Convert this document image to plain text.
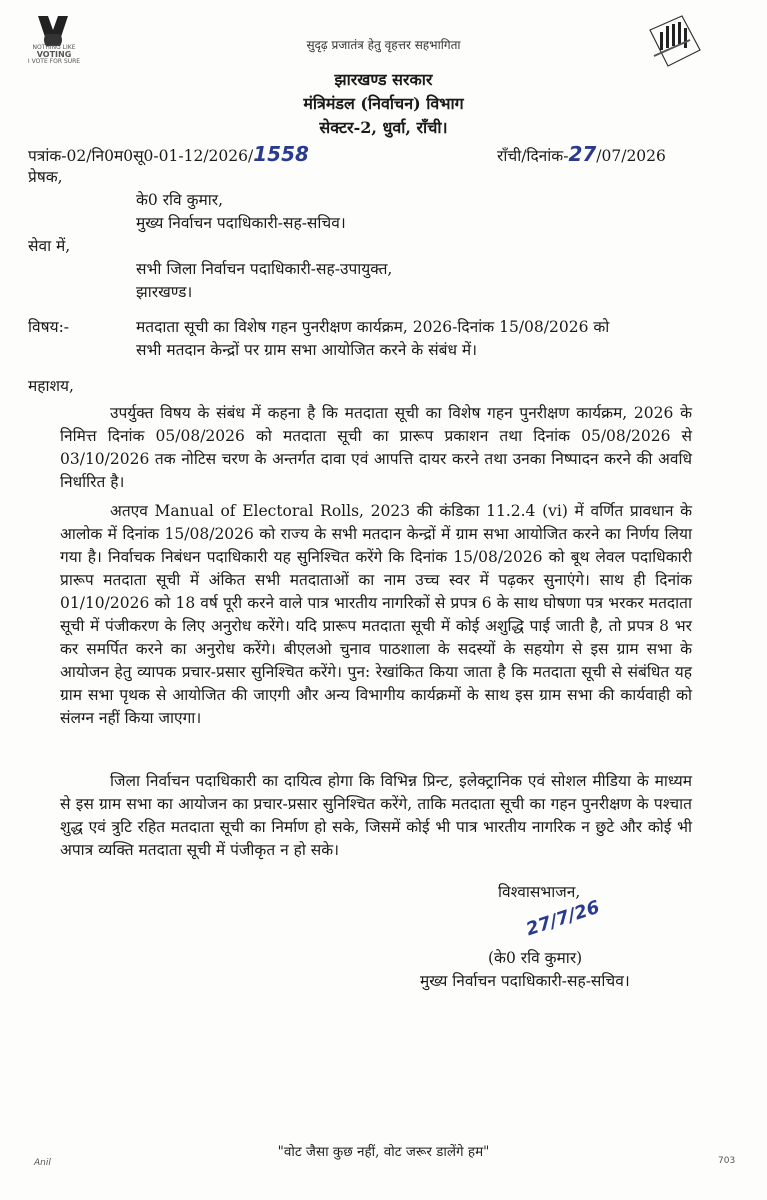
NOTHING LIKE
VOTING
I VOTE FOR SURE
सुदृढ़ प्रजातंत्र हेतु वृहत्तर सहभागिता
झारखण्ड सरकार
मंत्रिमंडल (निर्वाचन) विभाग
सेक्टर-2, धुर्वा, राँची।
पत्रांक-02/नि0म0सू0-01-12/2026/1558	राँची/दिनांक-27/07/2026
प्रेषक,
के0 रवि कुमार,
मुख्य निर्वाचन पदाधिकारी-सह-सचिव।
सेवा में,
सभी जिला निर्वाचन पदाधिकारी-सह-उपायुक्त,
झारखण्ड।
विषय:-	मतदाता सूची का विशेष गहन पुनरीक्षण कार्यक्रम, 2026-दिनांक 15/08/2026 को
सभी मतदान केन्द्रों पर ग्राम सभा आयोजित करने के संबंध में।
महाशय,
उपर्युक्त विषय के संबंध में कहना है कि मतदाता सूची का विशेष गहन पुनरीक्षण कार्यक्रम, 2026 के निमित्त दिनांक 05/08/2026 को मतदाता सूची का प्रारूप प्रकाशन तथा दिनांक 05/08/2026 से 03/10/2026 तक नोटिस चरण के अन्तर्गत दावा एवं आपत्ति दायर करने तथा उनका निष्पादन करने की अवधि निर्धारित है।
अतएव Manual of Electoral Rolls, 2023 की कंडिका 11.2.4 (vi) में वर्णित प्रावधान के आलोक में दिनांक 15/08/2026 को राज्य के सभी मतदान केन्द्रों में ग्राम सभा आयोजित करने का निर्णय लिया गया है। निर्वाचक निबंधन पदाधिकारी यह सुनिश्चित करेंगे कि दिनांक 15/08/2026 को बूथ लेवल पदाधिकारी प्रारूप मतदाता सूची में अंकित सभी मतदाताओं का नाम उच्च स्वर में पढ़कर सुनाएंगे। साथ ही दिनांक 01/10/2026 को 18 वर्ष पूरी करने वाले पात्र भारतीय नागरिकों से प्रपत्र 6 के साथ घोषणा पत्र भरकर मतदाता सूची में पंजीकरण के लिए अनुरोध करेंगे। यदि प्रारूप मतदाता सूची में कोई अशुद्धि पाई जाती है, तो प्रपत्र 8 भर कर समर्पित करने का अनुरोध करेंगे। बीएलओ चुनाव पाठशाला के सदस्यों के सहयोग से इस ग्राम सभा के आयोजन हेतु व्यापक प्रचार-प्रसार सुनिश्चित करेंगे। पुन: रेखांकित किया जाता है कि मतदाता सूची से संबंधित यह ग्राम सभा पृथक से आयोजित की जाएगी और अन्य विभागीय कार्यक्रमों के साथ इस ग्राम सभा की कार्यवाही को संलग्न नहीं किया जाएगा।
जिला निर्वाचन पदाधिकारी का दायित्व होगा कि विभिन्न प्रिन्ट, इलेक्ट्रानिक एवं सोशल मीडिया के माध्यम से इस ग्राम सभा का आयोजन का प्रचार-प्रसार सुनिश्चित करेंगे, ताकि मतदाता सूची का गहन पुनरीक्षण के पश्चात शुद्ध एवं त्रुटि रहित मतदाता सूची का निर्माण हो सके, जिसमें कोई भी पात्र भारतीय नागरिक न छुटे और कोई भी अपात्र व्यक्ति मतदाता सूची में पंजीकृत न हो सके।
विश्वासभाजन,
27/7/26
(के0 रवि कुमार)
मुख्य निर्वाचन पदाधिकारी-सह-सचिव।
Anil
"वोट जैसा कुछ नहीं, वोट जरूर डालेंगे हम"
703
